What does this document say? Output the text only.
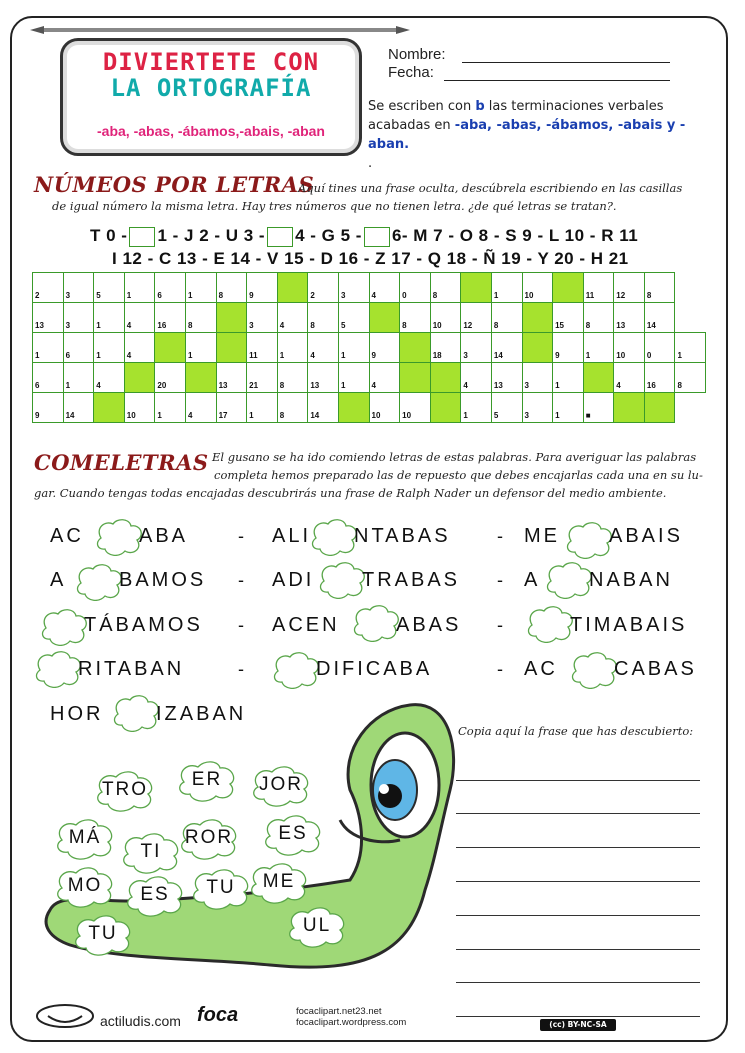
DIVIERTETE CON
LA ORTOGRAFÍA
-aba, -abas, -ábamos,-abais, -aban
Nombre:
Fecha:
Se escriben con b las terminaciones verbales acabadas en -aba, -abas, -ábamos, -abais y -aban.
.
NÚMEOS POR LETRAS
Aquí tines una frase oculta, descúbrela escribiendo en las casillas
de igual número la misma letra. Hay tres números que no tienen letra. ¿de qué letras se tratan?.
T 0 - 1 - J 2 - U 3 - 4 - G 5 - 6- M 7 - O 8 - S 9 - L 10 - R 11
I 12 - C 13 - E 14 - V 15 - D 16 - Z 17 - Q 18 - Ñ 19 - Y 20 - H 21
2	3	5	1	6	1	8	9		2	3	4	0	8		1	10		11	12	8	
13	3	1	4	16	8		3	4	8	5		8	10	12	8		15	8	13	14	
1	6	1	4		1		11	1	4	1	9		18	3	14		9	1	10	0	1
6	1	4		20		13	21	8	13	1	4			4	13	3	1		4	16	8
9	14		10	1	4	17	1	8	14		10	10		1	5	3	1	■			
COMELETRAS El gusano se ha ido comiendo letras de estas palabras. Para averiguar las palabras
completa hemos preparado las de repuesto que debes encajarlas cada una en su lu-
gar. Cuando tengas todas encajadas descubrirás una frase de Ralph Nader un defensor del medio ambiente.
AC	ABA	- ALI NTABAS	- ME ABAIS
A	BAMOS - ADI TRABAS - A NABAN
TÁBAMOS - ACEN	ABAS -	TIMABAIS
RITABAN	-	DIFICABA	- AC	CABAS
HOR	IZABAN
TRO	ER	JOR
MÁ
TI
ROR	ES
MO	ES	TU	ME
TU	UL
Copia aquí la frase que has descubierto:
actiludis.com foca	focaclipart.net23.net
focaclipart.wordpress.com	(cc) BY-NC-SA
